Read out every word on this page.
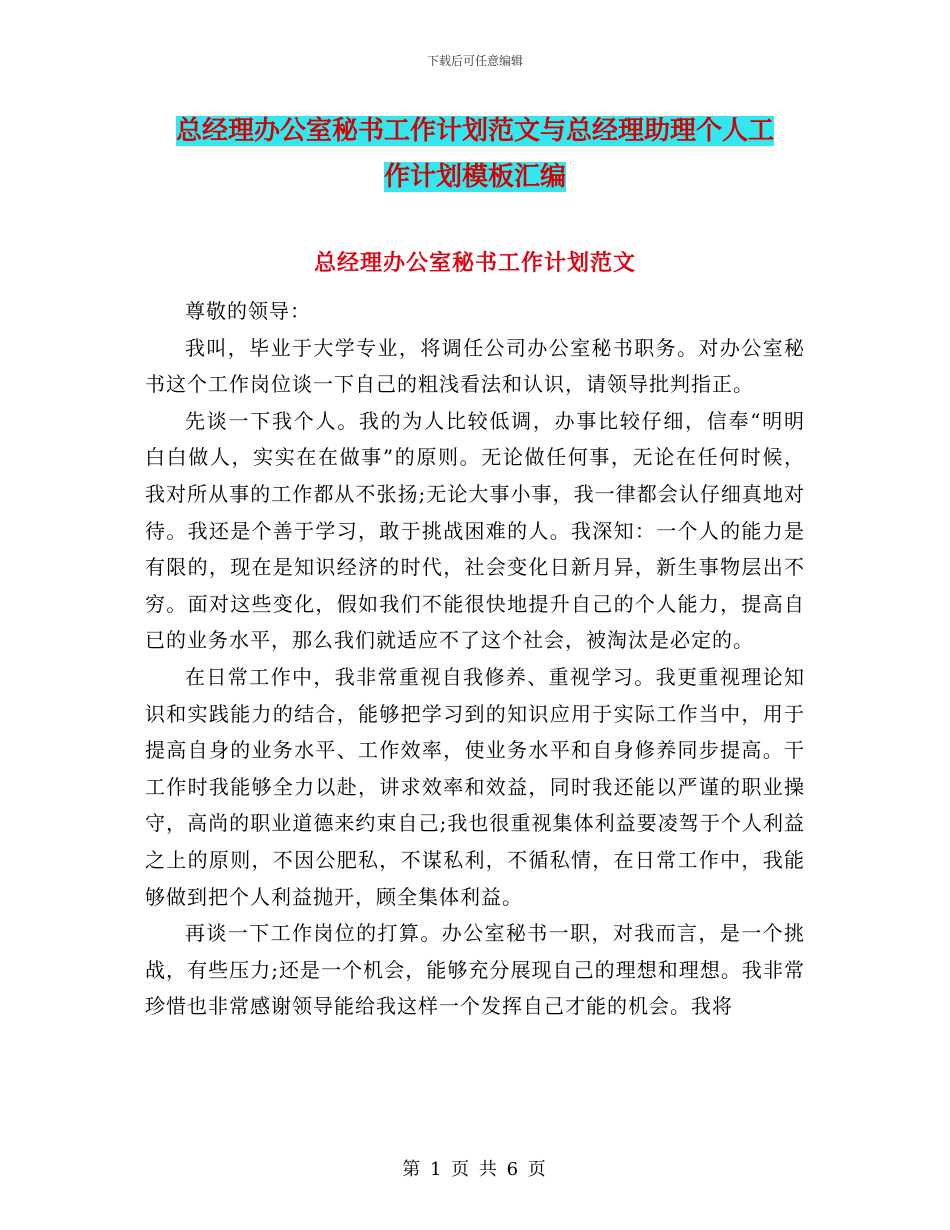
下载后可任意编辑
总经理办公室秘书工作计划范文与总经理助理个人工
作计划模板汇编
总经理办公室秘书工作计划范文

尊敬的领导：

我叫，毕业于大学专业，将调任公司办公室秘书职务。对办公室秘书这个工作岗位谈一下自己的粗浅看法和认识，请领导批判指正。

先谈一下我个人。我的为人比较低调，办事比较仔细，信奉“明明白白做人，实实在在做事”的原则。无论做任何事，无论在任何时候，我对所从事的工作都从不张扬;无论大事小事，我一律都会认仔细真地对待。我还是个善于学习，敢于挑战困难的人。我深知：一个人的能力是有限的，现在是知识经济的时代，社会变化日新月异，新生事物层出不穷。面对这些变化，假如我们不能很快地提升自己的个人能力，提高自已的业务水平，那么我们就适应不了这个社会，被淘汰是必定的。

在日常工作中，我非常重视自我修养、重视学习。我更重视理论知识和实践能力的结合，能够把学习到的知识应用于实际工作当中，用于提高自身的业务水平、工作效率，使业务水平和自身修养同步提高。干工作时我能够全力以赴，讲求效率和效益，同时我还能以严谨的职业操守，高尚的职业道德来约束自己;我也很重视集体利益要凌驾于个人利益之上的原则，不因公肥私，不谋私利，不循私情，在日常工作中，我能够做到把个人利益抛开，顾全集体利益。

再谈一下工作岗位的打算。办公室秘书一职，对我而言，是一个挑战，有些压力;还是一个机会，能够充分展现自己的理想和理想。我非常珍惜也非常感谢领导能给我这样一个发挥自己才能的机会。我将

第 1 页 共 6 页
